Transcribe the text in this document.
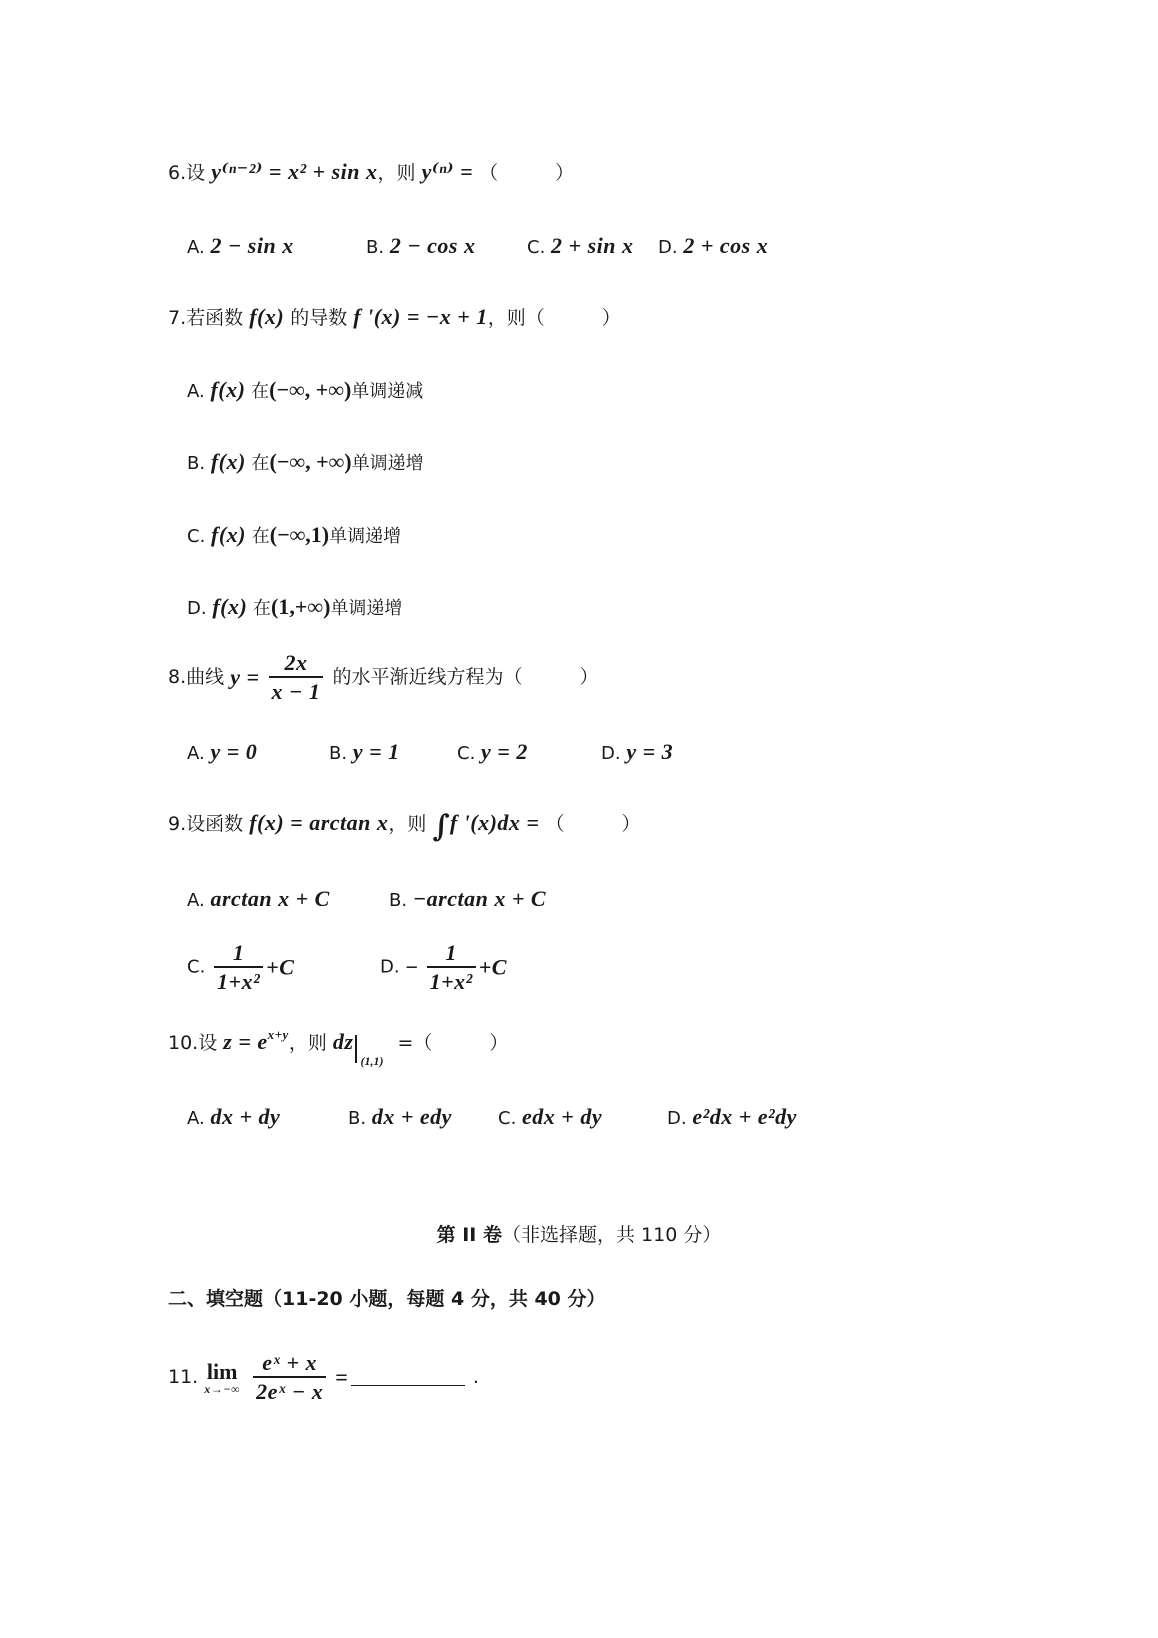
6.设 y⁽ⁿ⁻²⁾ = x² + sin x，则 y⁽ⁿ⁾ = （　　　）
A. 2 − sin x	B. 2 − cos x	C. 2 + sin x D. 2 + cos x
7.若函数 f(x) 的导数 f '(x) = −x + 1，则（　　　）
A. f(x) 在(−∞, +∞)单调递减
B. f(x) 在(−∞, +∞)单调递增
C. f(x) 在(−∞,1)单调递增
D. f(x) 在(1,+∞)单调递增
8.曲线 $y = \frac{2x}{x - 1}$ 的水平渐近线方程为（　　　）
A. y = 0	B. y = 1	C. y = 2	D. y = 3
9.设函数 f(x) = arctan x，则 ∫f '(x)dx = （　　　）
A. arctan x + C	B. −arctan x + C
C. $\frac{1}{\text{1+x²}} +C$	D. − $\frac{1}{\text{1+x²}} +C$
10.设 $z = e^{x+y}$，则 dz
(1,1)
=（　　　）
A. dx + dy	B. dx + edy	C. edx + dy	D. e²dx + e²dy
第 II 卷（非选择题，共 110 分）
二、填空题（11-20 小题，每题 4 分，共 40 分）
11. lim
x→−∞
$\frac{\text{eˣ + x}}{\text{2eˣ − x}}$ =	.
